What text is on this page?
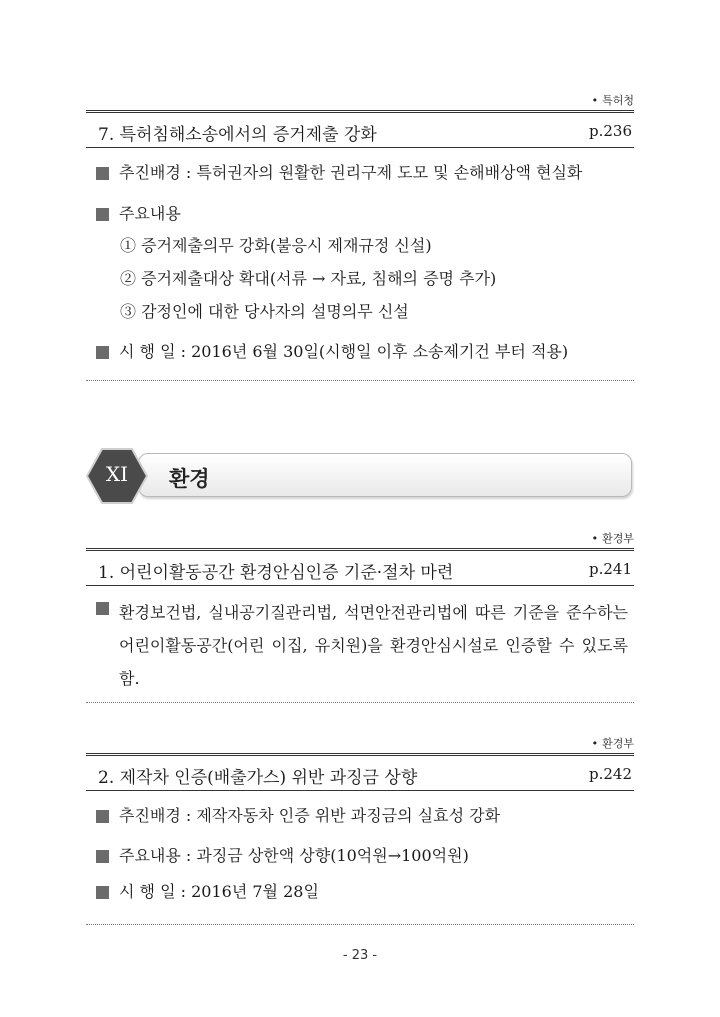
• 특허청
7. 특허침해소송에서의 증거제출 강화	p.236
추진배경 : 특허권자의 원활한 권리구제 도모 및 손해배상액 현실화
주요내용
① 증거제출의무 강화(불응시 제재규정 신설)
② 증거제출대상 확대(서류 → 자료, 침해의 증명 추가)
③ 감정인에 대한 당사자의 설명의무 신설
시 행 일 : 2016년 6월 30일(시행일 이후 소송제기건 부터 적용)
환경
XI
• 환경부
1. 어린이활동공간 환경안심인증 기준·절차 마련	p.241
환경보건법, 실내공기질관리법, 석면안전관리법에 따른 기준을 준수하는 어린이활동공간(어린 이집, 유치원)을 환경안심시설로 인증할 수 있도록 함.
• 환경부
2. 제작차 인증(배출가스) 위반 과징금 상향	p.242
추진배경 : 제작자동차 인증 위반 과징금의 실효성 강화
주요내용 : 과징금 상한액 상향(10억원→100억원)
시 행 일 : 2016년 7월 28일
- 23 -
